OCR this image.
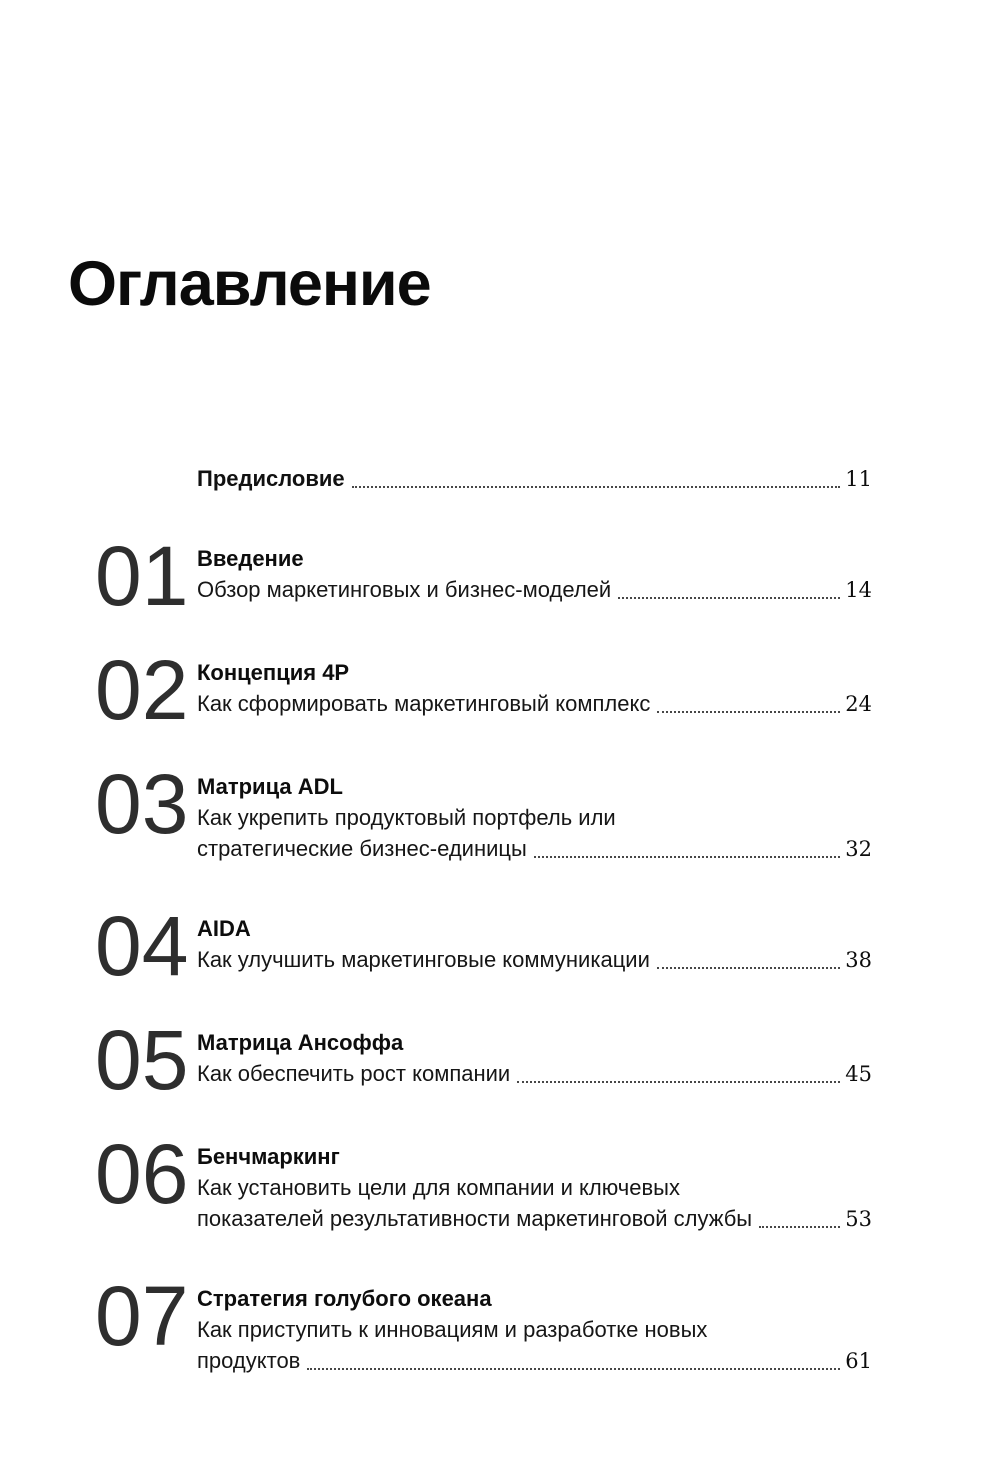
Оглавление
Предисловие	11
01 Введение
Обзор маркетинговых и бизнес-моделей	14
02 Концепция 4P
Как сформировать маркетинговый комплекс	24
03 Матрица ADL
Как укрепить продуктовый портфель или
стратегические бизнес-единицы	32
04 AIDA
Как улучшить маркетинговые коммуникации	38
05 Матрица Ансоффа
Как обеспечить рост компании	45
06 Бенчмаркинг
Как установить цели для компании и ключевых
показателей результативности маркетинговой службы	53
07 Стратегия голубого океана
Как приступить к инновациям и разработке новых
продуктов	61
